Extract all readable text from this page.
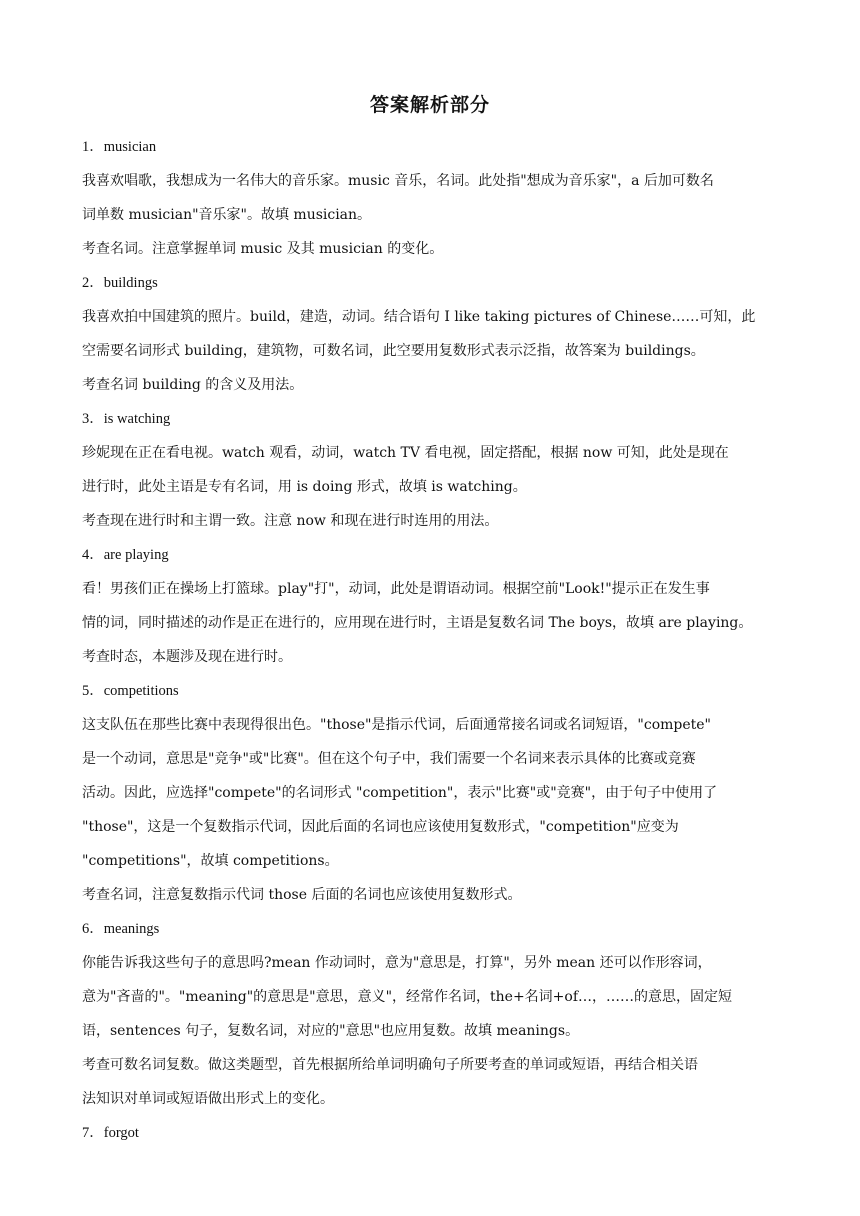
答案解析部分
1．musician
我喜欢唱歌，我想成为一名伟大的音乐家。music 音乐，名词。此处指"想成为音乐家"，a 后加可数名
词单数 musician"音乐家"。故填 musician。
考查名词。注意掌握单词 music 及其 musician 的变化。
2．buildings
我喜欢拍中国建筑的照片。build，建造，动词。结合语句 I like taking pictures of Chinese……可知，此
空需要名词形式 building，建筑物，可数名词，此空要用复数形式表示泛指，故答案为 buildings。
考查名词 building 的含义及用法。
3．is watching
珍妮现在正在看电视。watch 观看，动词，watch TV 看电视，固定搭配，根据 now 可知，此处是现在
进行时，此处主语是专有名词，用 is doing 形式，故填 is watching。
考查现在进行时和主谓一致。注意 now 和现在进行时连用的用法。
4．are playing
看！男孩们正在操场上打篮球。play"打"，动词，此处是谓语动词。根据空前"Look!"提示正在发生事
情的词，同时描述的动作是正在进行的，应用现在进行时，主语是复数名词 The boys，故填 are playing。
考查时态，本题涉及现在进行时。
5．competitions
这支队伍在那些比赛中表现得很出色。"those"是指示代词，后面通常接名词或名词短语，"compete"
是一个动词，意思是"竞争"或"比赛"。但在这个句子中，我们需要一个名词来表示具体的比赛或竞赛
活动。因此，应选择"compete"的名词形式 "competition"，表示"比赛"或"竞赛"，由于句子中使用了
"those"，这是一个复数指示代词，因此后面的名词也应该使用复数形式，"competition"应变为
"competitions"，故填 competitions。
考查名词，注意复数指示代词 those 后面的名词也应该使用复数形式。
6．meanings
你能告诉我这些句子的意思吗?mean 作动词时，意为"意思是，打算"，另外 mean 还可以作形容词，
意为"吝啬的"。"meaning"的意思是"意思，意义"，经常作名词，the+名词+of…，……的意思，固定短
语，sentences 句子，复数名词，对应的"意思"也应用复数。故填 meanings。
考查可数名词复数。做这类题型，首先根据所给单词明确句子所要考查的单词或短语，再结合相关语
法知识对单词或短语做出形式上的变化。
7．forgot
